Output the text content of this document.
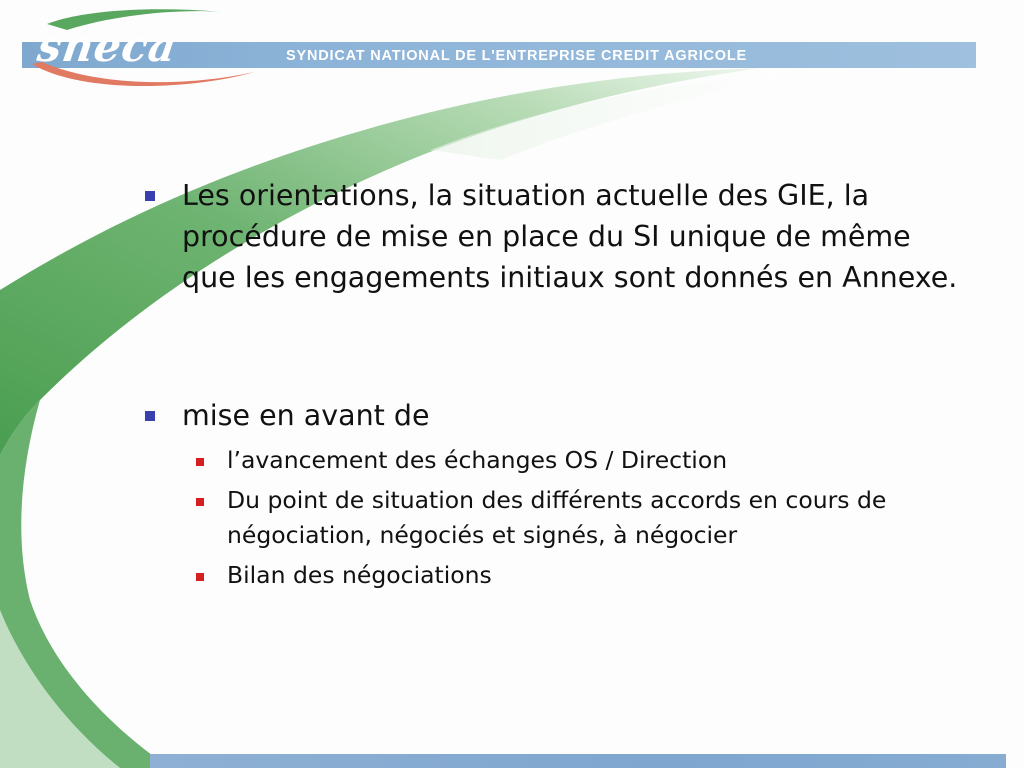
SYNDICAT NATIONAL DE L'ENTREPRISE CREDIT AGRICOLE
sneca
Les orientations, la situation actuelle des GIE, la procédure de mise en place du SI unique de même que les engagements initiaux sont donnés en Annexe.
mise en avant de
l’avancement des échanges OS / Direction
Du point de situation des différents accords en cours de négociation, négociés et signés, à négocier
Bilan des négociations
